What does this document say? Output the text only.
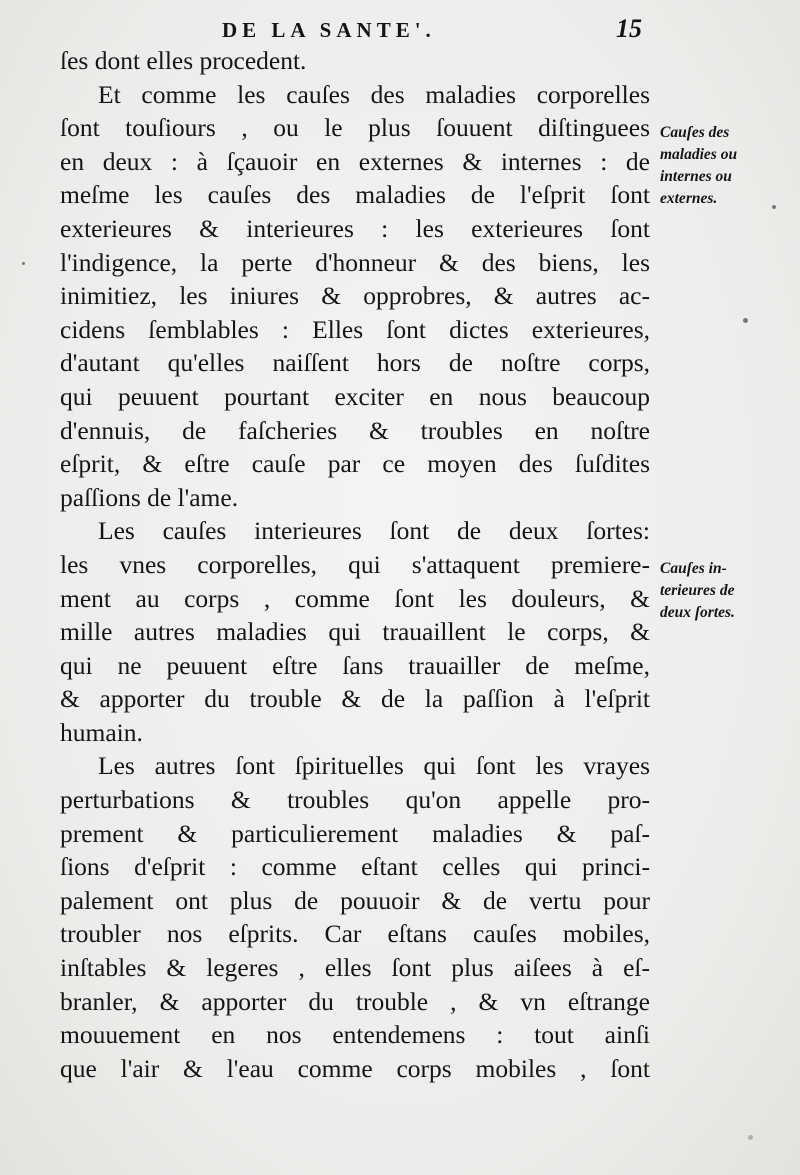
DE LA SANTE'.	15
ſes dont elles procedent.
Et comme les cauſes des maladies corporelles
ſont touſiours , ou le plus ſouuent diſtinguees
en deux : à ſçauoir en externes & internes : de
meſme les cauſes des maladies de l'eſprit ſont
exterieures & interieures : les exterieures ſont
l'indigence, la perte d'honneur & des biens, les
inimitiez, les iniures & opprobres, & autres ac-
cidens ſemblables : Elles ſont dictes exterieures,
d'autant qu'elles naiſſent hors de noſtre corps,
qui peuuent pourtant exciter en nous beaucoup
d'ennuis, de faſcheries & troubles en noſtre
eſprit, & eſtre cauſe par ce moyen des ſuſdites
paſſions de l'ame.
Les cauſes interieures ſont de deux ſortes:
les vnes corporelles, qui s'attaquent premiere-
ment au corps , comme ſont les douleurs, &
mille autres maladies qui trauaillent le corps, &
qui ne peuuent eſtre ſans trauailler de meſme,
& apporter du trouble & de la paſſion à l'eſprit
humain.
Les autres ſont ſpirituelles qui ſont les vrayes
perturbations & troubles qu'on appelle pro-
prement & particulierement maladies & paſ-
ſions d'eſprit : comme eſtant celles qui princi-
palement ont plus de pouuoir & de vertu pour
troubler nos eſprits. Car eſtans cauſes mobiles,
inſtables & legeres , elles ſont plus aiſees à eſ-
branler, & apporter du trouble , & vn eſtrange
mouuement en nos entendemens : tout ainſi
que l'air & l'eau comme corps mobiles , ſont
Cauſes des
maladies ou
internes ou
externes.
Cauſes in-
terieures de
deux ſortes.
